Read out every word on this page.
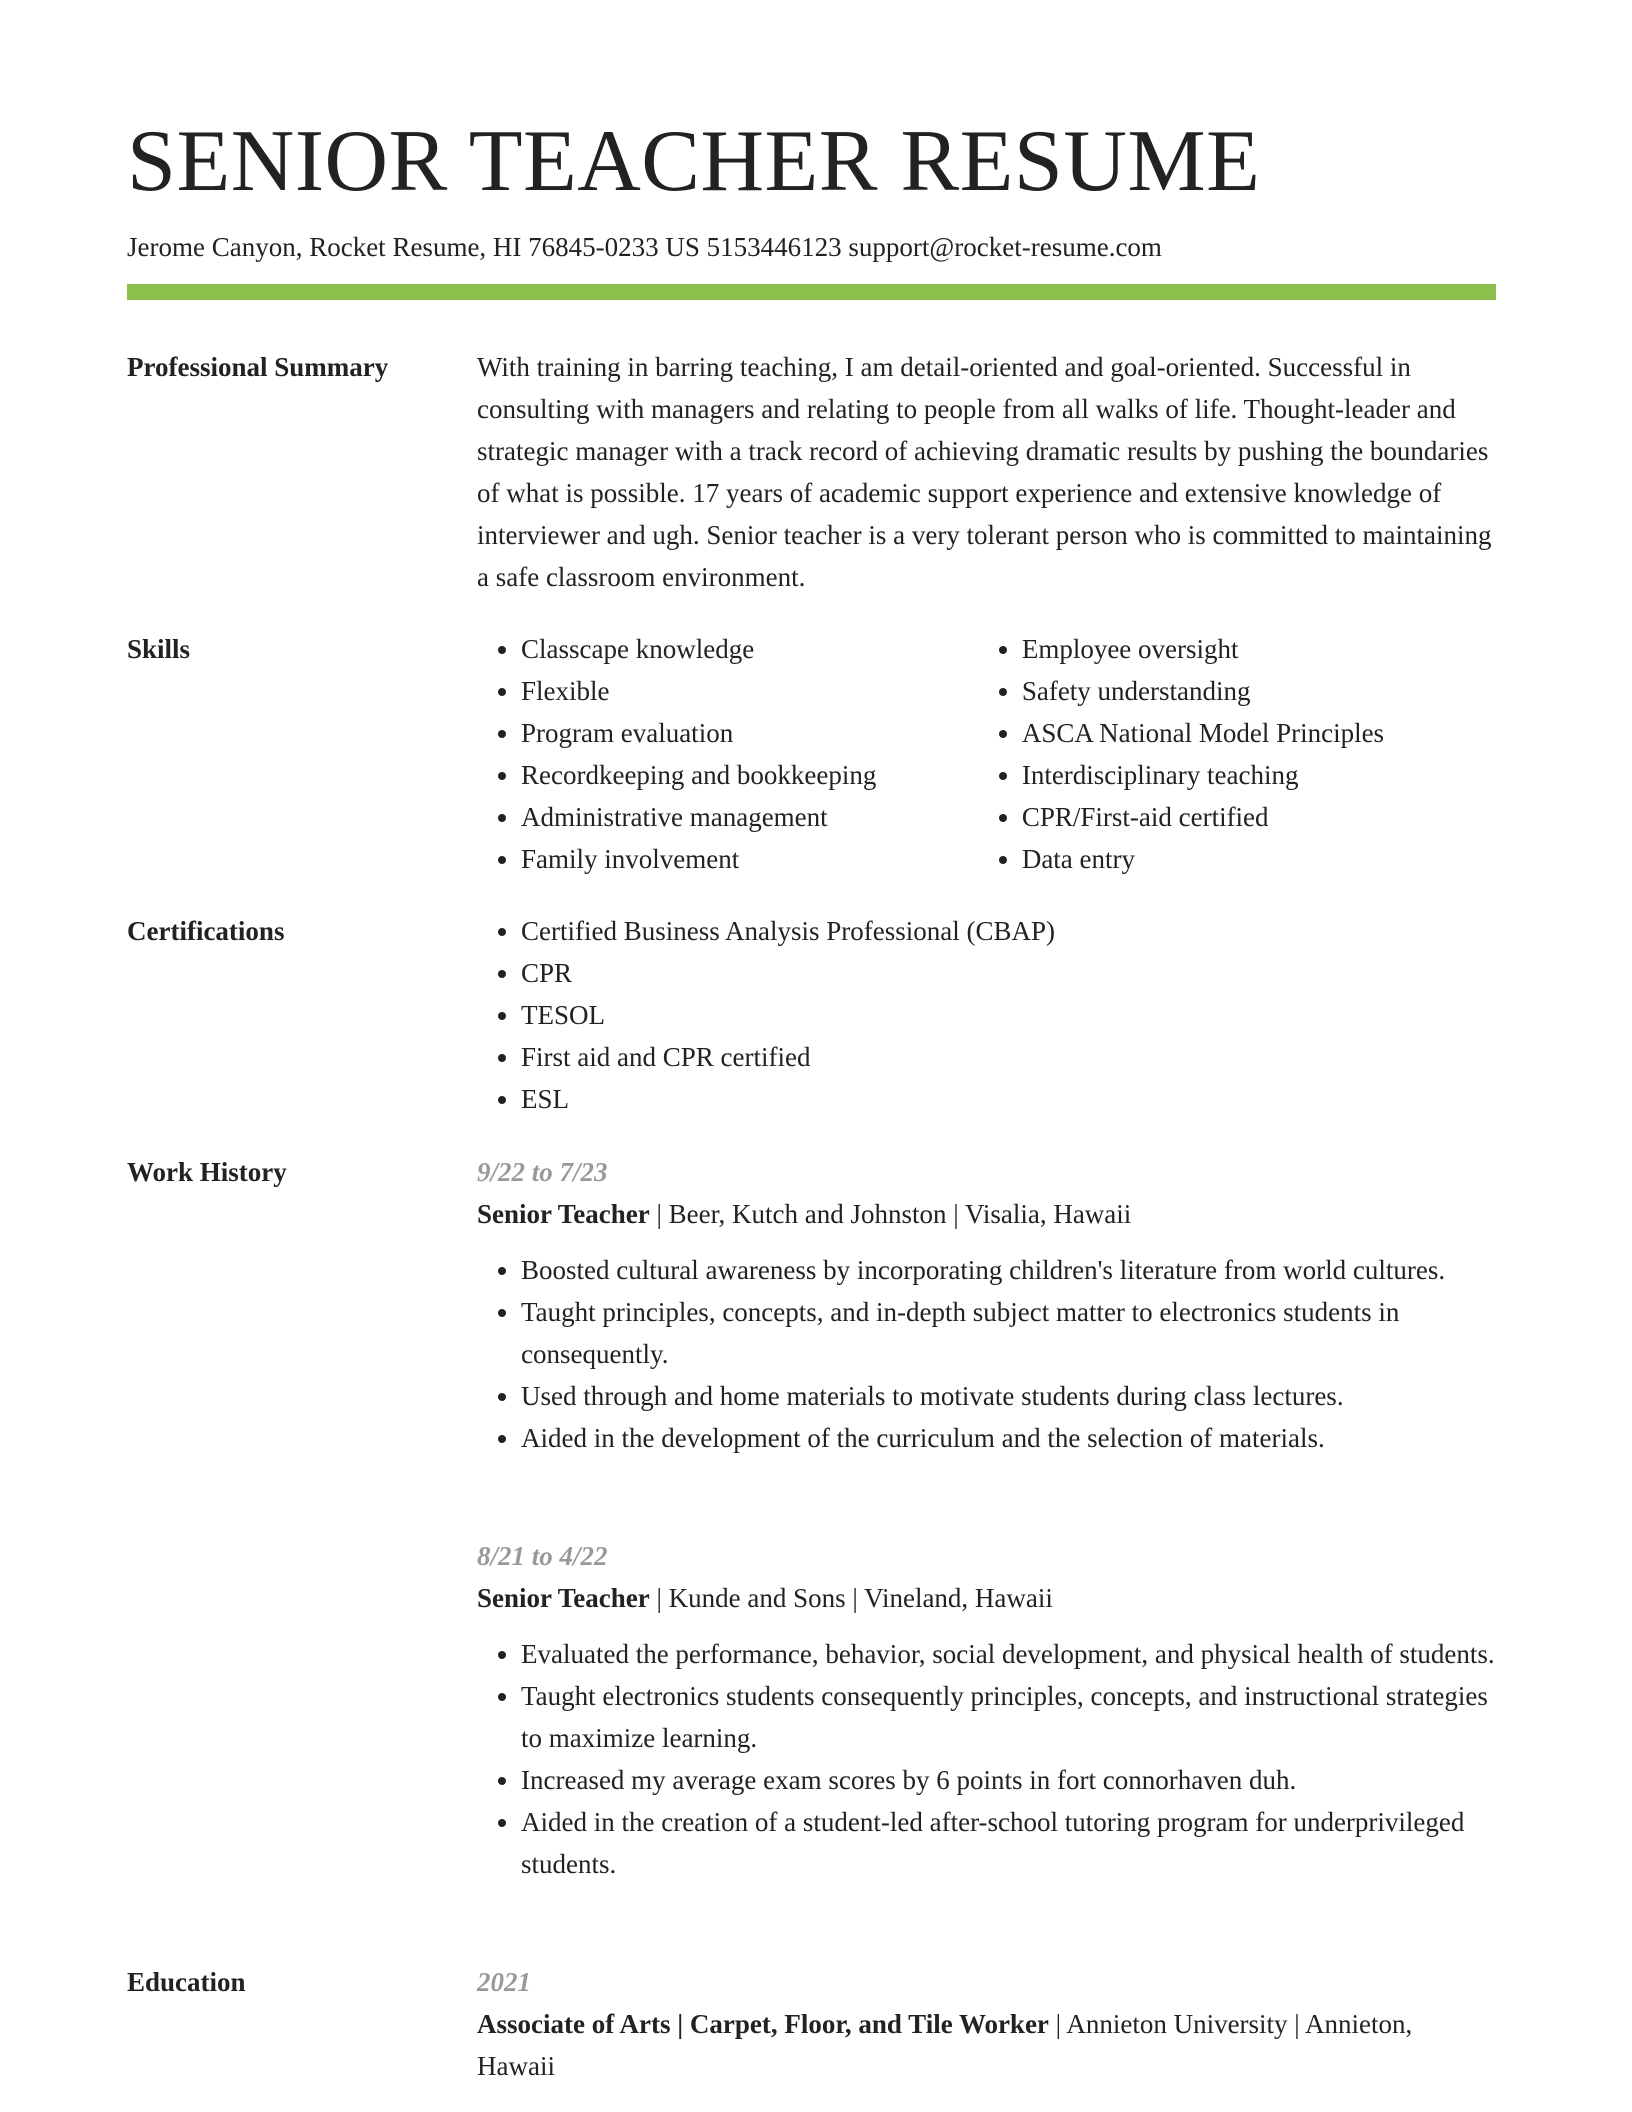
SENIOR TEACHER RESUME
Jerome Canyon, Rocket Resume, HI 76845-0233 US 5153446123 support@rocket-resume.com
Professional Summary	With training in barring teaching, I am detail-oriented and goal-oriented. Successful in consulting with managers and relating to people from all walks of life. Thought-leader and strategic manager with a track record of achieving dramatic results by pushing the boundaries of what is possible. 17 years of academic support experience and extensive knowledge of interviewer and ugh. Senior teacher is a very tolerant person who is committed to maintaining a safe classroom environment.

Skills	• Classcape knowledge
• Flexible
• Program evaluation
• Recordkeeping and bookkeeping
• Administrative management
• Family involvement
• Employee oversight
• Safety understanding
• ASCA National Model Principles
• Interdisciplinary teaching
• CPR/First-aid certified
• Data entry
Certifications	• Certified Business Analysis Professional (CBAP)
• CPR
• TESOL
• First aid and CPR certified
• ESL
Work History	9/22 to 7/23
Senior Teacher | Beer, Kutch and Johnston | Visalia, Hawaii
• Boosted cultural awareness by incorporating children's literature from world cultures.
• Taught principles, concepts, and in-depth subject matter to electronics students in consequently.
• Used through and home materials to motivate students during class lectures.
• Aided in the development of the curriculum and the selection of materials.
8/21 to 4/22
Senior Teacher | Kunde and Sons | Vineland, Hawaii
• Evaluated the performance, behavior, social development, and physical health of students.
• Taught electronics students consequently principles, concepts, and instructional strategies to maximize learning.
• Increased my average exam scores by 6 points in fort connorhaven duh.
• Aided in the creation of a student-led after-school tutoring program for underprivileged students.
Education	2021
Associate of Arts | Carpet, Floor, and Tile Worker | Annieton University | Annieton, Hawaii
